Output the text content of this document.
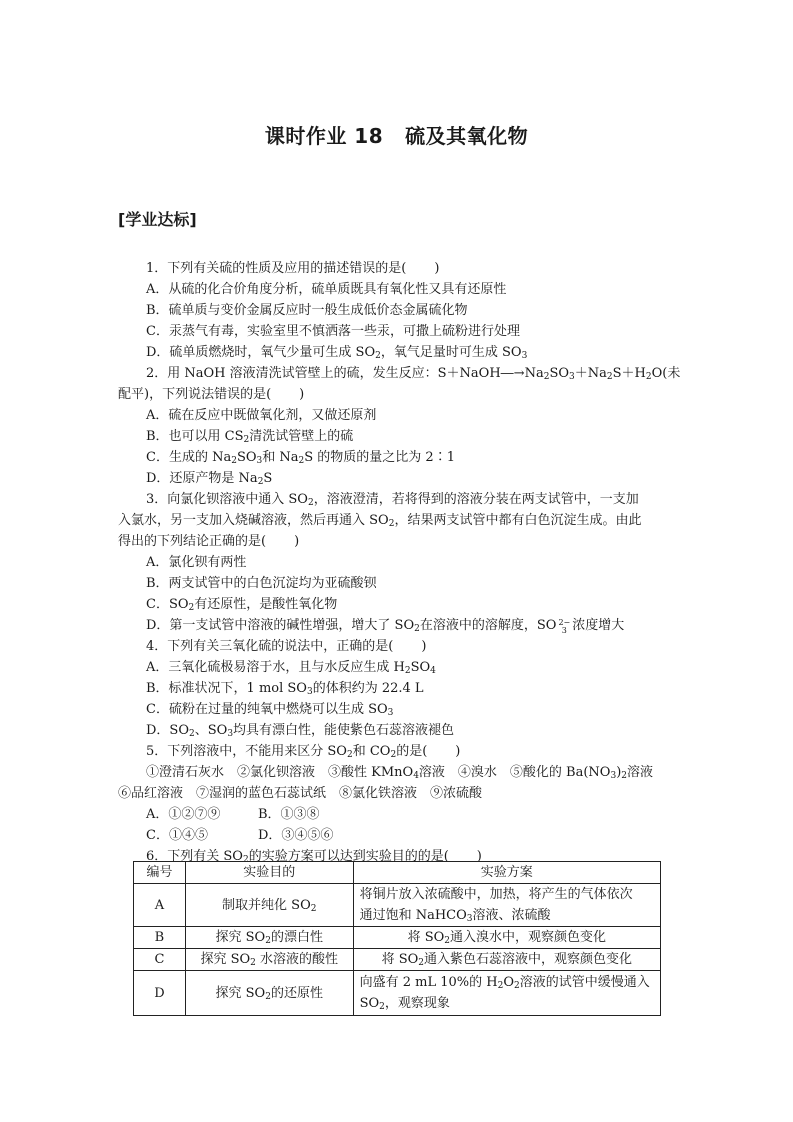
课时作业 18 硫及其氧化物
[学业达标]
1．下列有关硫的性质及应用的描述错误的是( )
A．从硫的化合价角度分析，硫单质既具有氧化性又具有还原性
B．硫单质与变价金属反应时一般生成低价态金属硫化物
C．汞蒸气有毒，实验室里不慎洒落一些汞，可撒上硫粉进行处理
D．硫单质燃烧时，氧气少量可生成 $SO_2$，氧气足量时可生成 $SO_3$
2．用 NaOH 溶液清洗试管壁上的硫，发生反应：$S+NaOH―\to Na_2SO_3+Na_2S+H_2O$(未
配平)，下列说法错误的是( )
A．硫在反应中既做氧化剂，又做还原剂
B．也可以用 $CS_2$清洗试管壁上的硫
C．生成的 $Na_2SO_3$和 $Na_2S$ 的物质的量之比为 2∶1
D．还原产物是 $Na_2S$
3．向氯化钡溶液中通入 $SO_2$，溶液澄清，若将得到的溶液分装在两支试管中，一支加
入氯水，另一支加入烧碱溶液，然后再通入 $SO_2$，结果两支试管中都有白色沉淀生成。由此
得出的下列结论正确的是( )
A．氯化钡有两性
B．两支试管中的白色沉淀均为亚硫酸钡
C．$SO_2$有还原性，是酸性氧化物
D．第一支试管中溶液的碱性增强，增大了 $SO_2$在溶液中的溶解度，SO 2−
3 浓度增大
4．下列有关三氧化硫的说法中，正确的是( )
A．三氧化硫极易溶于水，且与水反应生成 $H_2SO_4$
B．标准状况下，1 mol $SO_3$的体积约为 22.4 L
C．硫粉在过量的纯氧中燃烧可以生成 $SO_3$
D．$SO_2$、$SO_3$均具有漂白性，能使紫色石蕊溶液褪色
5．下列溶液中，不能用来区分 $SO_2$和 $CO_2$的是( )
①澄清石灰水　②氯化钡溶液　③酸性 KMnO$_4$溶液　④溴水　⑤酸化的 $Ba(NO_3)_2$溶液
⑥品红溶液　⑦湿润的蓝色石蕊试纸　⑧氯化铁溶液　⑨浓硫酸
A．①②⑦⑨	B．①③⑧
C．①④⑤	D．③④⑤⑥
6．下列有关 $SO_2$的实验方案可以达到实验目的的是( )
编号	实验目的	实验方案
A	制取并纯化 $SO_2$	将铜片放入浓硫酸中，加热，将产生的气体依次
通过饱和 NaHCO$_3$溶液、浓硫酸

B	探究 $SO_2$的漂白性	将 $SO_2$通入溴水中，观察颜色变化
C	探究 $SO_2$ 水溶液的酸性	将 $SO_2$通入紫色石蕊溶液中，观察颜色变化
D	探究 $SO_2$的还原性	向盛有 2 mL 10%的 $H_2O_2$溶液的试管中缓慢通入
$SO_2$，观察现象
